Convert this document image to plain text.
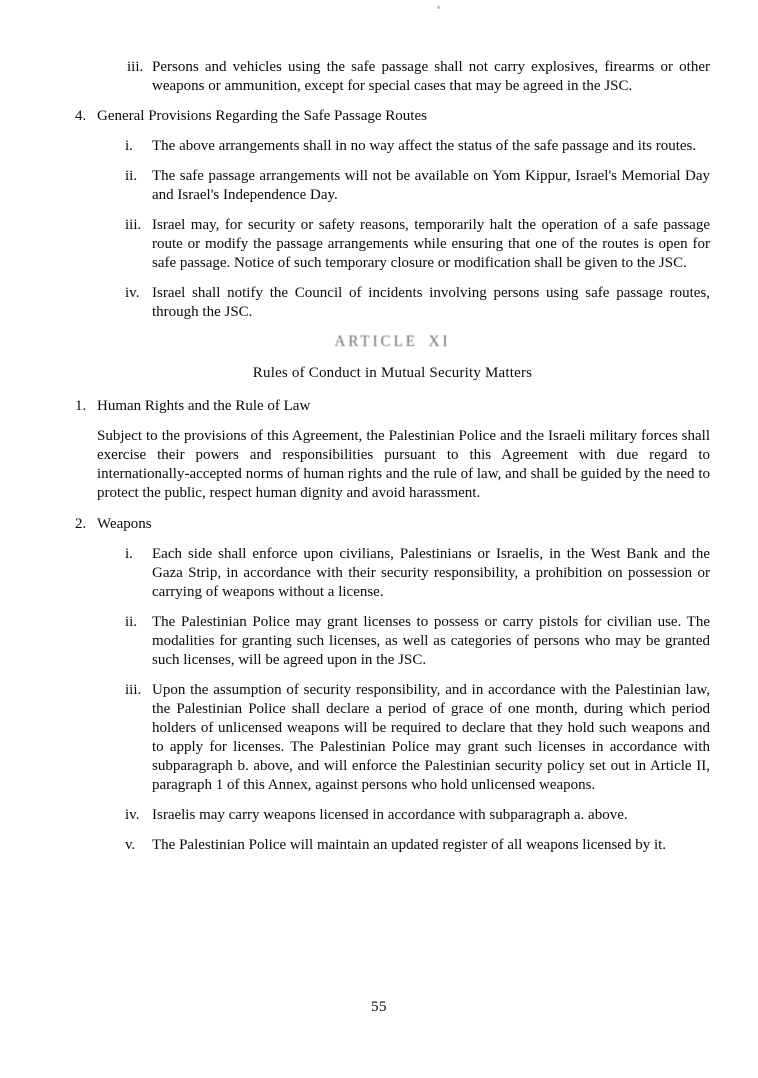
iii. Persons and vehicles using the safe passage shall not carry explosives, firearms or other weapons or ammunition, except for special cases that may be agreed in the JSC.
4. General Provisions Regarding the Safe Passage Routes
i.	The above arrangements shall in no way affect the status of the safe passage and its routes.
ii. The safe passage arrangements will not be available on Yom Kippur, Israel's Memorial Day and Israel's Independence Day.
iii. Israel may, for security or safety reasons, temporarily halt the operation of a safe passage route or modify the passage arrangements while ensuring that one of the routes is open for safe passage. Notice of such temporary closure or modification shall be given to the JSC.
iv. Israel shall notify the Council of incidents involving persons using safe passage routes, through the JSC.
ARTICLE XI
Rules of Conduct in Mutual Security Matters
1. Human Rights and the Rule of Law
Subject to the provisions of this Agreement, the Palestinian Police and the Israeli military forces shall exercise their powers and responsibilities pursuant to this Agreement with due regard to internationally-accepted norms of human rights and the rule of law, and shall be guided by the need to protect the public, respect human dignity and avoid harassment.
2. Weapons
i.	Each side shall enforce upon civilians, Palestinians or Israelis, in the West Bank and the Gaza Strip, in accordance with their security responsibility, a prohibition on possession or carrying of weapons without a license.
ii. The Palestinian Police may grant licenses to possess or carry pistols for civilian use. The modalities for granting such licenses, as well as categories of persons who may be granted such licenses, will be agreed upon in the JSC.
iii. Upon the assumption of security responsibility, and in accordance with the Palestinian law, the Palestinian Police shall declare a period of grace of one month, during which period holders of unlicensed weapons will be required to declare that they hold such weapons and to apply for licenses. The Palestinian Police may grant such licenses in accordance with subparagraph b. above, and will enforce the Palestinian security policy set out in Article II, paragraph 1 of this Annex, against persons who hold unlicensed weapons.
iv. Israelis may carry weapons licensed in accordance with subparagraph a. above.
v.	The Palestinian Police will maintain an updated register of all weapons licensed by it.
55
